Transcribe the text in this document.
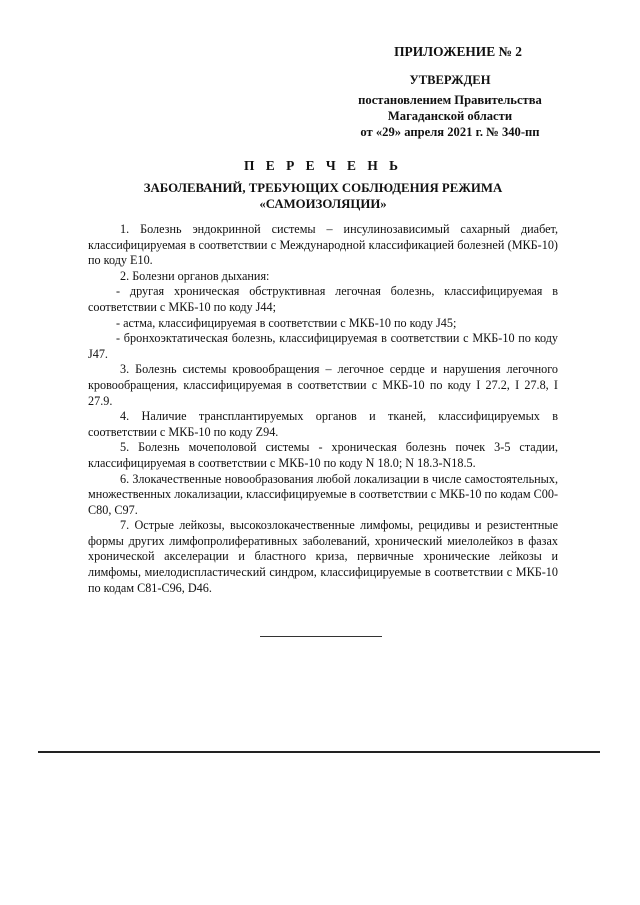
ПРИЛОЖЕНИЕ № 2
УТВЕРЖДЕН
постановлением Правительства
Магаданской области
от «29» апреля 2021 г. № 340-пп
П Е Р Е Ч Е Н Ь
ЗАБОЛЕВАНИЙ, ТРЕБУЮЩИХ СОБЛЮДЕНИЯ РЕЖИМА
«САМОИЗОЛЯЦИИ»

1. Болезнь эндокринной системы – инсулинозависимый сахарный диабет, классифицируемая в соответствии с Международной классификацией болезней (МКБ-10) по коду Е10.

2. Болезни органов дыхания:

- другая хроническая обструктивная легочная болезнь, классифицируемая в соответствии с МКБ-10 по коду J44;

- астма, классифицируемая в соответствии с МКБ-10 по коду J45;

- бронхоэктатическая болезнь, классифицируемая в соответствии с МКБ-10 по коду J47.

3. Болезнь системы кровообращения – легочное сердце и нарушения легочного кровообращения, классифицируемая в соответствии с МКБ-10 по коду I 27.2, I 27.8, I 27.9.

4. Наличие трансплантируемых органов и тканей, классифицируемых в соответствии с МКБ-10 по коду Z94.

5. Болезнь мочеполовой системы - хроническая болезнь почек 3-5 стадии, классифицируемая в соответствии с МКБ-10 по коду N 18.0; N 18.3-N18.5.

6. Злокачественные новообразования любой локализации в числе самостоятельных, множественных локализации, классифицируемые в соответствии с МКБ-10 по кодам С00-С80, С97.

7. Острые лейкозы, высокозлокачественные лимфомы, рецидивы и резистентные формы других лимфопролиферативных заболеваний, хронический миелолейкоз в фазах хронической акселерации и бластного криза, первичные хронические лейкозы и лимфомы, миелодиспластический синдром, классифицируемые в соответствии с МКБ-10 по кодам С81-С96, D46.
